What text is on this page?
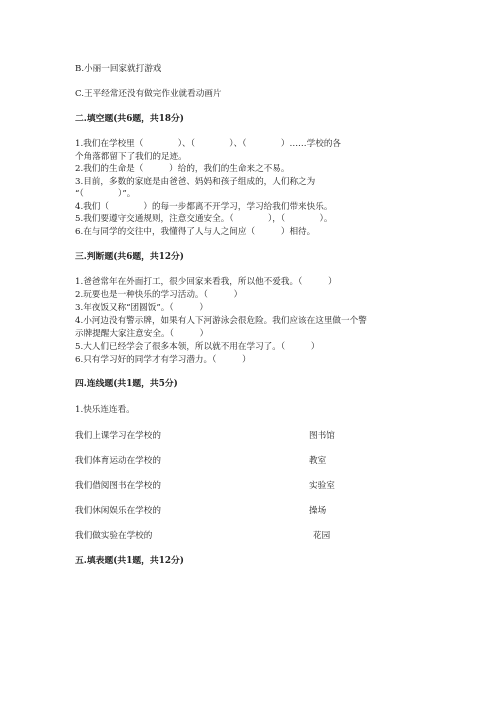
B.小丽一回家就打游戏
C.王平经常还没有做完作业就看动画片
二.填空题(共6题，共18分)
1.我们在学校里（　　　　）、（　　　　）、（　　　　）……学校的各
个角落都留下了我们的足迹。
2.我们的生命是（　　　）给的，我们的生命来之不易。
3.目前，多数的家庭是由爸爸、妈妈和孩子组成的，人们称之为
“（　　　　）”。
4.我们（　　　　）的每一步都离不开学习，学习给我们带来快乐。
5.我们要遵守交通规则，注意交通安全。（　　　　），（　　　　）。
6.在与同学的交往中，我懂得了人与人之间应（　　　）相待。
三.判断题(共6题，共12分)
1.爸爸常年在外面打工，很少回家来看我，所以他不爱我。（　　　）
2.玩要也是一种快乐的学习活动。（　　　）
3.年夜饭又称“团圆饭”。（　　　）
4.小河边没有警示牌，如果有人下河游泳会很危险。我们应该在这里做一个警
示牌提醒大家注意安全。（　　　）
5.大人们已经学会了很多本领，所以就不用在学习了。（　　　）
6.只有学习好的同学才有学习潜力。（　　　）
四.连线题(共1题，共5分)
1.快乐连连看。
我们上课学习在学校的
我们体育运动在学校的
我们借阅图书在学校的
我们休闲娱乐在学校的
我们做实验在学校的
图书馆
教室
实验室
操场
花园
五.填表题(共1题，共12分)
